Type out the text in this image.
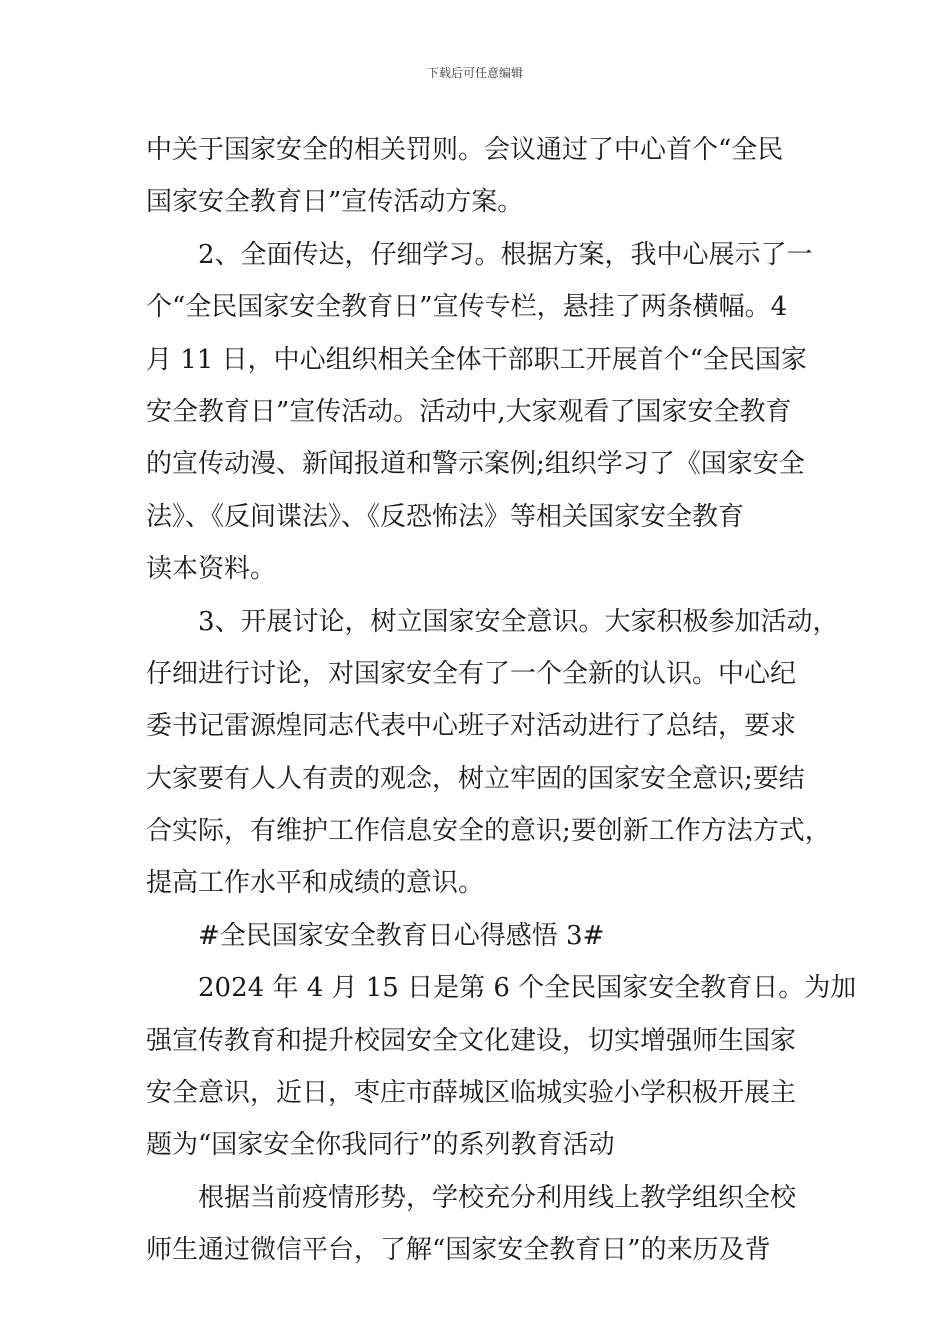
下载后可任意编辑
中关于国家安全的相关罚则。会议通过了中心首个“全民
国家安全教育日”宣传活动方案。
2、全面传达，仔细学习。根据方案，我中心展示了一
个“全民国家安全教育日”宣传专栏，悬挂了两条横幅。4
月 11 日，中心组织相关全体干部职工开展首个“全民国家
安全教育日”宣传活动。活动中,大家观看了国家安全教育
的宣传动漫、新闻报道和警示案例;组织学习了《国家安全
法》、《反间谍法》、《反恐怖法》等相关国家安全教育
读本资料。
3、开展讨论，树立国家安全意识。大家积极参加活动，
仔细进行讨论，对国家安全有了一个全新的认识。中心纪
委书记雷源煌同志代表中心班子对活动进行了总结，要求
大家要有人人有责的观念，树立牢固的国家安全意识;要结
合实际，有维护工作信息安全的意识;要创新工作方法方式，
提高工作水平和成绩的意识。
#全民国家安全教育日心得感悟 3#
2024 年 4 月 15 日是第 6 个全民国家安全教育日。为加
强宣传教育和提升校园安全文化建设，切实增强师生国家
安全意识，近日，枣庄市薛城区临城实验小学积极开展主
题为“国家安全你我同行”的系列教育活动
根据当前疫情形势，学校充分利用线上教学组织全校
师生通过微信平台，了解“国家安全教育日”的来历及背
